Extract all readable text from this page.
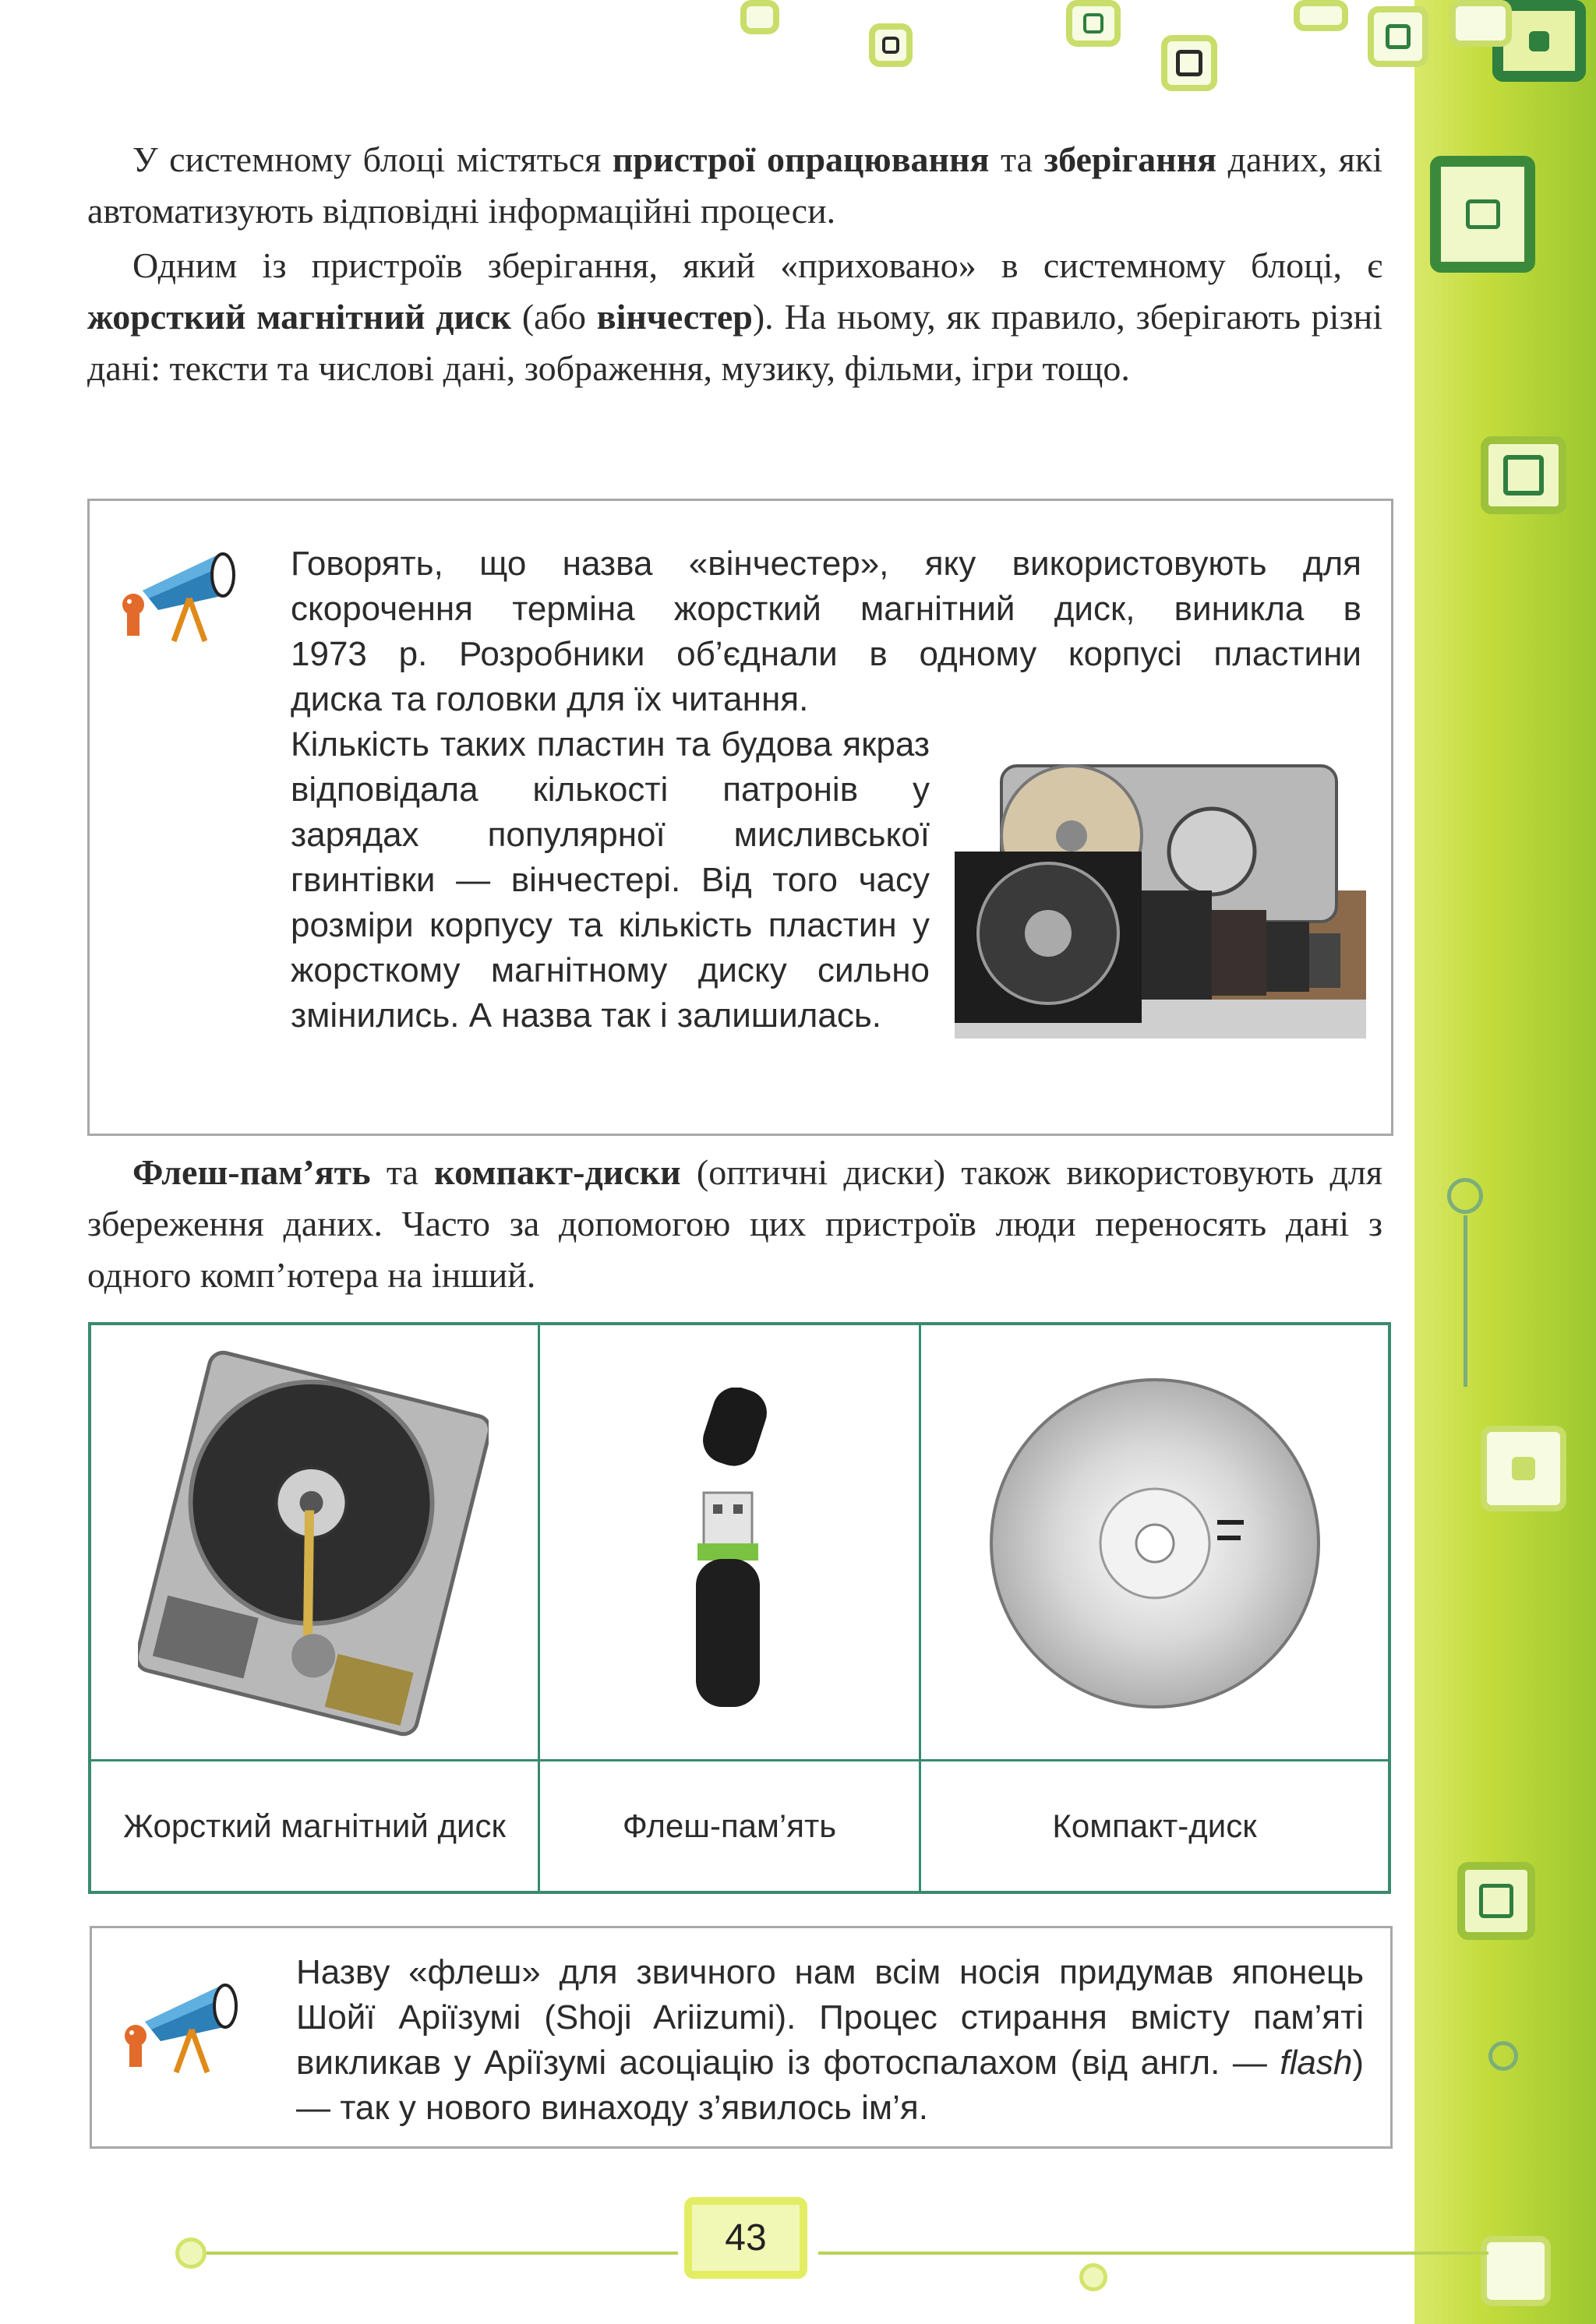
У системному блоці містяться пристрої опрацювання та зберігання даних, які автоматизують відповідні інформаційні процеси.

Одним із пристроїв зберігання, який «приховано» в системному блоці, є жорсткий магнітний диск (або вінчестер). На ньому, як правило, зберігають різні дані: тексти та числові дані, зображення, музику, фільми, ігри тощо.

Говорять, що назва «вінчестер», яку використовують для
скорочення терміна жорсткий магнітний диск, виникла в
1973 р. Розробники об’єднали в одному корпусі пластини
диска та головки для їх читання.
Кількість таких пластин та будова якраз відповідала кількості патронів у зарядах популярної мисливської гвинтівки — вінчестері. Від того часу розміри корпусу та кількість пластин у жорсткому магнітному диску сильно змінились. А назва так і залишилась.

Флеш-пам’ять та компакт-диски (оптичні диски) також використовують для збереження даних. Часто за допомогою цих пристроїв люди переносять дані з одного комп’ютера на інший.

Жорсткий магнітний диск	Флеш-пам’ять	Компакт-диск
Назву «флеш» для звичного нам всім носія придумав японець Шойї Аріїзумі (Shoji Ariizumi). Процес стирання вмісту пам’яті викликав у Аріїзумі асоціацію із фотоспалахом (від англ. — flash) — так у нового винаходу з’явилось ім’я.
43
